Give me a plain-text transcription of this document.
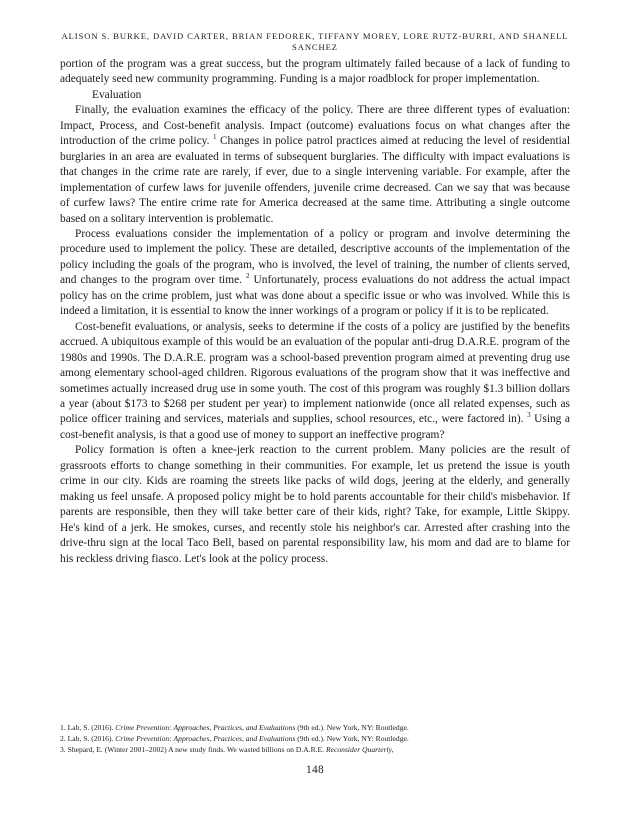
ALISON S. BURKE, DAVID CARTER, BRIAN FEDOREK, TIFFANY MOREY, LORE RUTZ-BURRI, AND SHANELL SANCHEZ

portion of the program was a great success, but the program ultimately failed because of a lack of funding to adequately seed new community programming. Funding is a major roadblock for proper implementation.

Evaluation

Finally, the evaluation examines the efficacy of the policy. There are three different types of evaluation: Impact, Process, and Cost-benefit analysis. Impact (outcome) evaluations focus on what changes after the introduction of the crime policy. $^1$ Changes in police patrol practices aimed at reducing the level of residential burglaries in an area are evaluated in terms of subsequent burglaries. The difficulty with impact evaluations is that changes in the crime rate are rarely, if ever, due to a single intervening variable. For example, after the implementation of curfew laws for juvenile offenders, juvenile crime decreased. Can we say that was because of curfew laws? The entire crime rate for America decreased at the same time. Attributing a single outcome based on a solitary intervention is problematic.

Process evaluations consider the implementation of a policy or program and involve determining the procedure used to implement the policy. These are detailed, descriptive accounts of the implementation of the policy including the goals of the program, who is involved, the level of training, the number of clients served, and changes to the program over time. $^2$ Unfortunately, process evaluations do not address the actual impact policy has on the crime problem, just what was done about a specific issue or who was involved. While this is indeed a limitation, it is essential to know the inner workings of a program or policy if it is to be replicated.

Cost-benefit evaluations, or analysis, seeks to determine if the costs of a policy are justified by the benefits accrued. A ubiquitous example of this would be an evaluation of the popular anti-drug D.A.R.E. program of the 1980s and 1990s. The D.A.R.E. program was a school-based prevention program aimed at preventing drug use among elementary school-aged children. Rigorous evaluations of the program show that it was ineffective and sometimes actually increased drug use in some youth. The cost of this program was roughly $1.3 billion dollars a year (about $173 to $268 per student per year) to implement nationwide (once all related expenses, such as police officer training and services, materials and supplies, school resources, etc., were factored in). $^3$ Using a cost-benefit analysis, is that a good use of money to support an ineffective program?

Policy formation is often a knee-jerk reaction to the current problem. Many policies are the result of grassroots efforts to change something in their communities. For example, let us pretend the issue is youth crime in our city. Kids are roaming the streets like packs of wild dogs, jeering at the elderly, and generally making us feel unsafe. A proposed policy might be to hold parents accountable for their child's misbehavior. If parents are responsible, then they will take better care of their kids, right? Take, for example, Little Skippy. He's kind of a jerk. He smokes, curses, and recently stole his neighbor's car. Arrested after crashing into the drive-thru sign at the local Taco Bell, based on parental responsibility law, his mom and dad are to blame for his reckless driving fiasco. Let's look at the policy process.

1. Lab, S. (2016). Crime Prevention: Approaches, Practices, and Evaluations (9th ed.). New York, NY: Routledge.
2. Lab, S. (2016). Crime Prevention: Approaches, Practices, and Evaluations (9th ed.). New York, NY: Routledge.
3. Shepard, E. (Winter 2001–2002) A new study finds. We wasted billions on D.A.R.E. Reconsider Quarterly,
148
